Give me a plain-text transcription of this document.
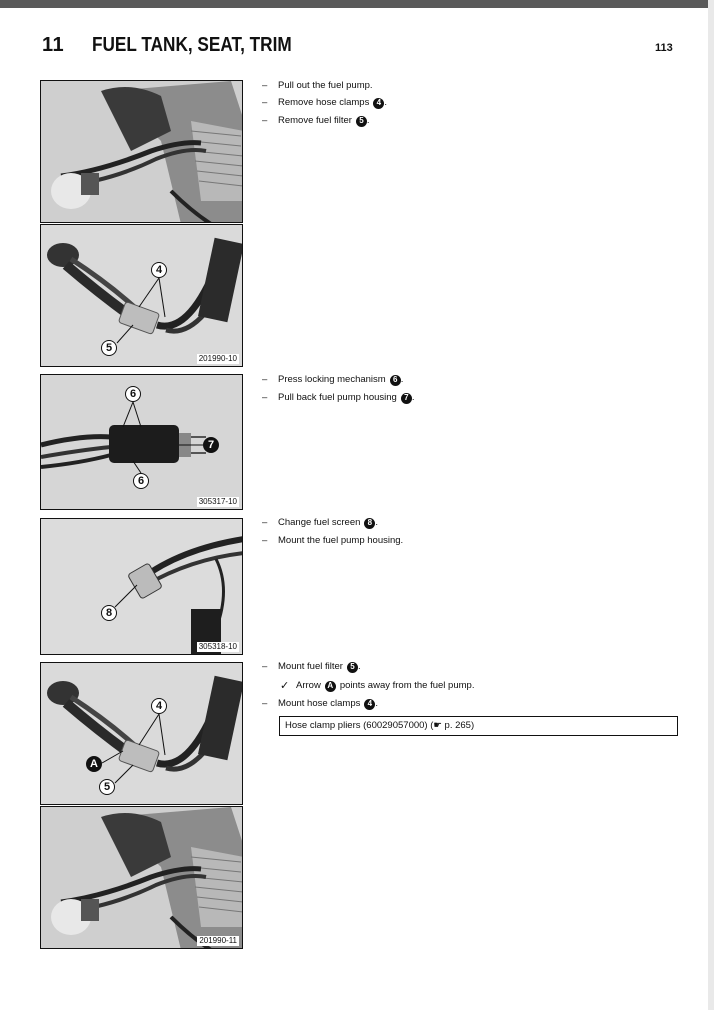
11 FUEL TANK, SEAT, TRIM	113
4
5
201990-10
6
6
7
305317-10
8
305318-10
4
A
5
201990-11
–	Pull out the fuel pump.
–	Remove hose clamps 4 .
–	Remove fuel filter 5 .
–	Press locking mechanism 6 .
–	Pull back fuel pump housing 7 .
–	Change fuel screen 8 .
–	Mount the fuel pump housing.
–	Mount fuel filter 5 .
✓ Arrow A points away from the fuel pump.
–	Mount hose clamps 4 .
Hose clamp pliers (60029057000) (☛ p. 265)
